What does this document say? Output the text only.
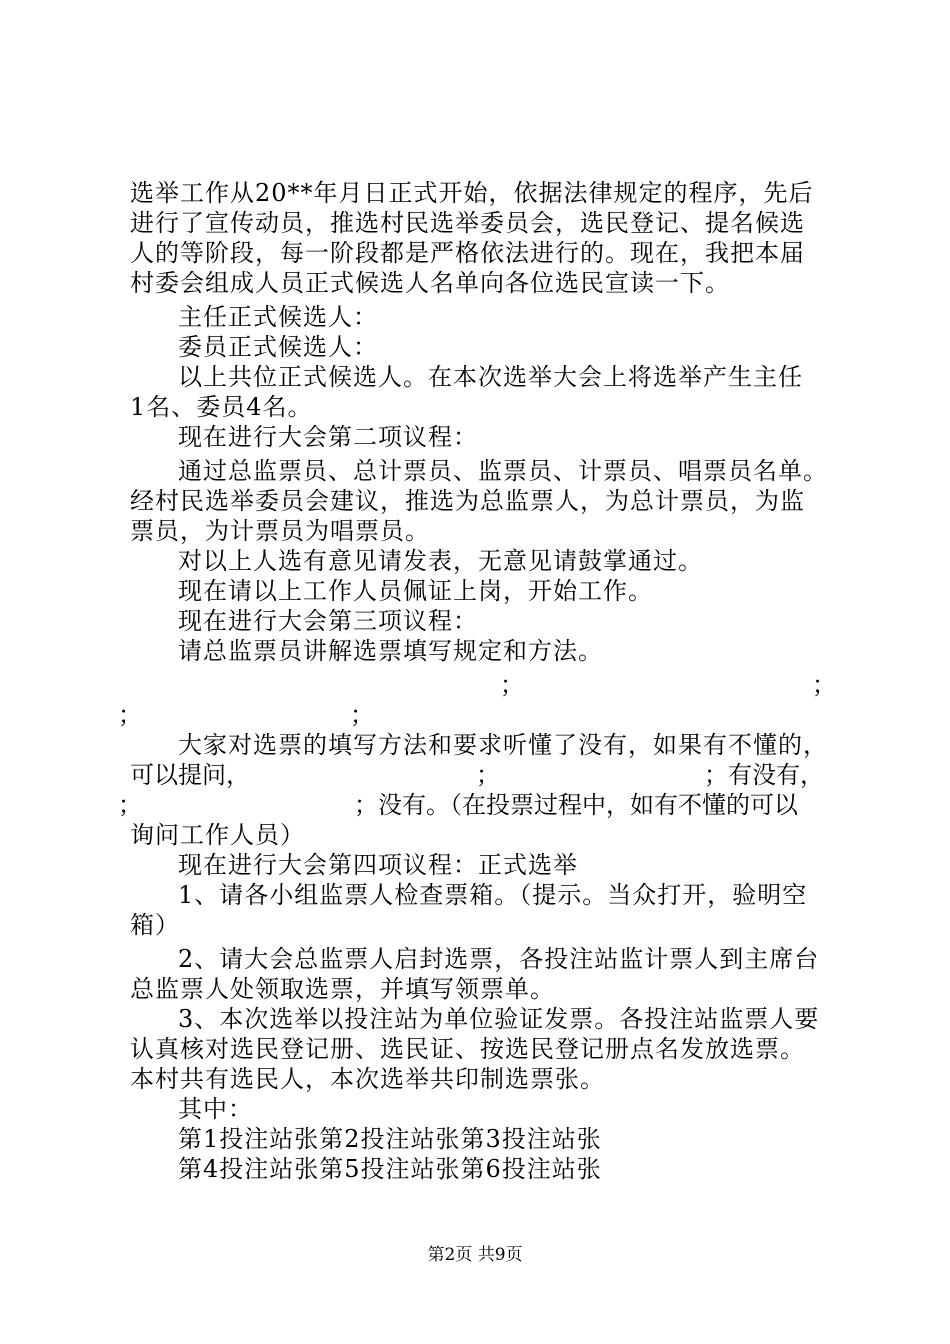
选举工作从20**年月日正式开始，依据法律规定的程序，先后
进行了宣传动员，推选村民选举委员会，选民登记、提名候选
人的等阶段，每一阶段都是严格依法进行的。现在，我把本届
村委会组成人员正式候选人名单向各位选民宣读一下。
主任正式候选人：
委员正式候选人：
以上共位正式候选人。在本次选举大会上将选举产生主任
1名、委员4名。
现在进行大会第二项议程：
通过总监票员、总计票员、监票员、计票员、唱票员名单。
经村民选举委员会建议，推选为总监票人，为总计票员，为监
票员，为计票员为唱票员。
对以上人选有意见请发表，无意见请鼓掌通过。
现在请以上工作人员佩证上岗，开始工作。
现在进行大会第三项议程：
请总监票员讲解选票填写规定和方法。
；	；
；	；
大家对选票的填写方法和要求听懂了没有，如果有不懂的，
可以提问，	；	；有没有，
；	；没有。（在投票过程中，如有不懂的可以
询问工作人员）
现在进行大会第四项议程：正式选举
1、请各小组监票人检查票箱。（提示。当众打开，验明空
箱）
2、请大会总监票人启封选票，各投注站监计票人到主席台
总监票人处领取选票，并填写领票单。
3、本次选举以投注站为单位验证发票。各投注站监票人要
认真核对选民登记册、选民证、按选民登记册点名发放选票。
本村共有选民人，本次选举共印制选票张。
其中：
第1投注站张第2投注站张第3投注站张
第4投注站张第5投注站张第6投注站张
第2页 共9页
